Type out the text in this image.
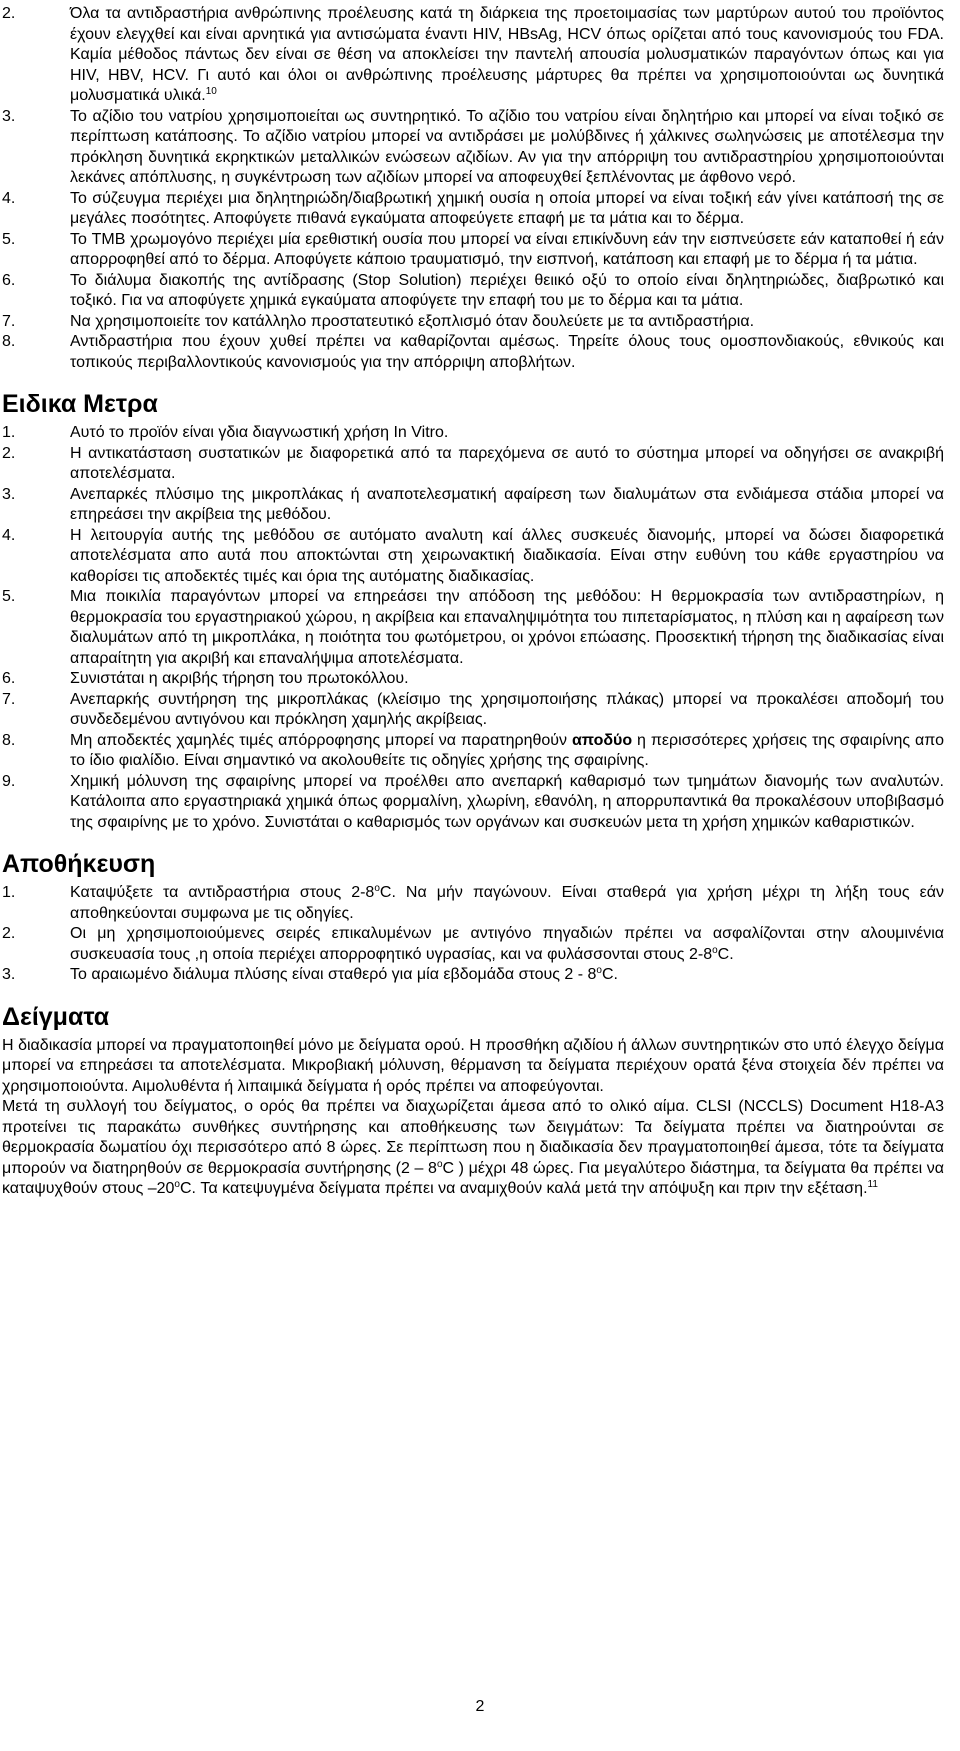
2.	Όλα τα αντιδραστήρια ανθρώπινης προέλευσης κατά τη διάρκεια της προετοιμασίας των μαρτύρων αυτού του προϊόντος έχουν ελεγχθεί και είναι αρνητικά για αντισώματα έναντι HIV, HBsAg, HCV όπως ορίζεται από τους κανονισμούς του FDA. Καμία μέθοδος πάντως δεν είναι σε θέση να αποκλείσει την παντελή απουσία μολυσματικών παραγόντων όπως και για HIV, HBV, HCV. Γι αυτό και όλοι οι ανθρώπινης προέλευσης μάρτυρες θα πρέπει να χρησιμοποιούνται ως δυνητικά μολυσματικά υλικά.$^{10}$
3.	Το αζίδιο του νατρίου χρησιμοποιείται ως συντηρητικό. Το αζίδιο του νατρίου είναι δηλητήριο και μπορεί να είναι τοξικό σε περίπτωση κατάποσης. Το αζίδιο νατρίου μπορεί να αντιδράσει με μολύβδινες ή χάλκινες σωληνώσεις με αποτέλεσμα την πρόκληση δυνητικά εκρηκτικών μεταλλικών ενώσεων αζιδίων. Αν για την απόρριψη του αντιδραστηρίου χρησιμοποιούνται λεκάνες απόπλυσης, η συγκέντρωση των αζιδίων μπορεί να αποφευχθεί ξεπλένοντας με άφθονο νερό.
4.	Το σύζευγμα περιέχει μια δηλητηριώδη/διαβρωτική χημική ουσία η οποία μπορεί να είναι τοξική εάν γίνει κατάποσή της σε μεγάλες ποσότητες. Αποφύγετε πιθανά εγκαύματα αποφεύγετε επαφή με τα μάτια και το δέρμα.
5.	Το TMB χρωμογόνο περιέχει μία ερεθιστική ουσία που μπορεί να είναι επικίνδυνη εάν την εισπνεύσετε εάν καταποθεί ή εάν απορροφηθεί από το δέρμα. Αποφύγετε κάποιο τραυματισμό, την εισπνοή, κατάποση και επαφή με το δέρμα ή τα μάτια.
6.	Το διάλυμα διακοπής της αντίδρασης (Stop Solution) περιέχει θειικό οξύ το οποίο είναι δηλητηριώδες, διαβρωτικό και τοξικό. Για να αποφύγετε χημικά εγκαύματα αποφύγετε την επαφή του με το δέρμα και τα μάτια.
7.	Να χρησιμοποιείτε τον κατάλληλο προστατευτικό εξοπλισμό όταν δουλεύετε με τα αντιδραστήρια.
8.	Αντιδραστήρια που έχουν χυθεί πρέπει να καθαρίζονται αμέσως. Τηρείτε όλους τους ομοσπονδιακούς, εθνικούς και τοπικούς περιβαλλοντικούς κανονισμούς για την απόρριψη αποβλήτων.
Ειδικα Μετρα
1.	Αυτό το προϊόν είναι γδια διαγνωστική χρήση In Vitro.
2.	Η αντικατάσταση συστατικών με διαφορετικά από τα παρεχόμενα σε αυτό το σύστημα μπορεί να οδηγήσει σε ανακριβή αποτελέσματα.
3.	Ανεπαρκές πλύσιμο της μικροπλάκας ή αναποτελεσματική αφαίρεση των διαλυμάτων στα ενδιάμεσα στάδια μπορεί να επηρεάσει την ακρίβεια της μεθόδου.
4.	Η λειτουργία αυτής της μεθόδου σε αυτόματο αναλυτη καί άλλες συσκευές διανομής, μπορεί να δώσει διαφορετικά αποτελέσματα απο αυτά που αποκτώνται στη χειρωνακτική διαδικασία. Είναι στην ευθύνη του κάθε εργαστηρίου να καθορίσει τις αποδεκτές τιμές και όρια της αυτόματης διαδικασίας.
5.	Μια ποικιλία παραγόντων μπορεί να επηρεάσει την απόδοση της μεθόδου: Η θερμοκρασία των αντιδραστηρίων, η θερμοκρασία του εργαστηριακού χώρου, η ακρίβεια και επαναληψιμότητα του πιπεταρίσματος, η πλύση και η αφαίρεση των διαλυμάτων από τη μικροπλάκα, η ποιότητα του φωτόμετρου, οι χρόνοι επώασης. Προσεκτική τήρηση της διαδικασίας είναι απαραίτητη για ακριβή και επαναλήψιμα αποτελέσματα.
6.	Συνιστάται η ακριβής τήρηση του πρωτοκόλλου.
7.	Ανεπαρκής συντήρηση της μικροπλάκας (κλείσιμο της χρησιμοποιήσης πλάκας) μπορεί να προκαλέσει αποδομή του συνδεδεμένου αντιγόνου και πρόκληση χαμηλής ακρίβειας.
8.	Μη αποδεκτές χαμηλές τιμές απόρροφησης μπορεί να παρατηρηθούν αποδύο η περισσότερες χρήσεις της σφαιρίνης απο το ίδιο φιαλίδιο. Είναι σημαντικό να ακολουθείτε τις οδηγίες χρήσης της σφαιρίνης.
9.	Χημική μόλυνση της σφαιρίνης μπορεί να προέλθει απο ανεπαρκή καθαρισμό των τμημάτων διανομής των αναλυτών. Κατάλοιπα απο εργαστηριακά χημικά όπως φορμαλίνη, χλωρίνη, εθανόλη, η απορρυπαντικά θα προκαλέσουν υποβιβασμό της σφαιρίνης με το χρόνο. Συνιστάται ο καθαρισμός των οργάνων και συσκευών μετα τη χρήση χημικών καθαριστικών.
Αποθήκευση
1.	Καταψύξετε τα αντιδραστήρια στους $2-8^oC$. Να μήν παγώνουν. Είναι σταθερά για χρήση μέχρι τη λήξη τους εάν αποθηκεύονται συμφωνα με τις οδηγίες.
2.	Οι μη χρησιμοποιούμενες σειρές επικαλυμένων με αντιγόνο πηγαδιών πρέπει να ασφαλίζονται στην αλουμινένια συσκευασία τους ,η οποία περιέχει απορροφητικό υγρασίας, και να φυλάσσονται στους $2-8^oC$.
3.	Το αραιωμένο διάλυμα πλύσης είναι σταθερό για μία εβδομάδα στους $2 - 8^oC$.
Δείγματα

Η διαδικασία μπορεί να πραγματοποιηθεί μόνο με δείγματα ορού. Η προσθήκη αζιδίου ή άλλων συντηρητικών στο υπό έλεγχο δείγμα μπορεί να επηρεάσει τα αποτελέσματα. Μικροβιακή μόλυνση, θέρμανση τα δείγματα περιέχουν ορατά ξένα στοιχεία δέν πρέπει να χρησιμοποιούντα. Αιμολυθέντα ή λιπαιμικά δείγματα ή ορός πρέπει να αποφεύγονται.

Μετά τη συλλογή του δείγματος, ο ορός θα πρέπει να διαχωρίζεται άμεσα από το ολικό αίμα. CLSI (NCCLS) Document H18-A3 προτείνει τις παρακάτω συνθήκες συντήρησης και αποθήκευσης των δειγμάτων: Τα δείγματα πρέπει να διατηρούνται σε θερμοκρασία δωματίου όχι περισσότερο από 8 ώρες. Σε περίπτωση που η διαδικασία δεν πραγματοποιηθεί άμεσα, τότε τα δείγματα μπορούν να διατηρηθούν σε θερμοκρασία συντήρησης ($2 - 8^oC$ ) μέχρι 48 ώρες. Για μεγαλύτερο διάστημα, τα δείγματα θα πρέπει να καταψυχθούν στους $-20^oC$. Τα κατεψυγμένα δείγματα πρέπει να αναμιχθούν καλά μετά την απόψυξη και πριν την εξέταση.$^{11}$

2
